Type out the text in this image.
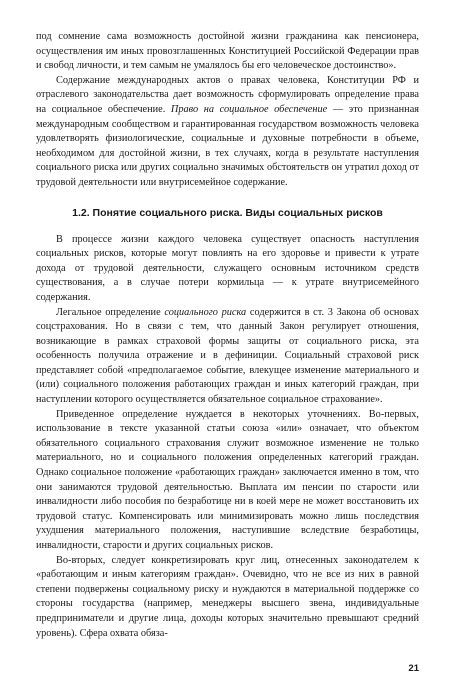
под сомнение сама возможность достойной жизни гражданина как пенсионера, осуществления им иных провозглашенных Конституцией Российской Федерации прав и свобод личности, и тем самым не умалялось бы его человеческое достоинство».

Содержание международных актов о правах человека, Конституции РФ и отраслевого законодательства дает возможность сформулировать определение права на социальное обеспечение. Право на социальное обеспечение — это признанная международным сообществом и гарантированная государством возможность человека удовлетворять физиологические, социальные и духовные потребности в объеме, необходимом для достойной жизни, в тех случаях, когда в результате наступления социального риска или других социально значимых обстоятельств он утратил доход от трудовой деятельности или внутрисемейное содержание.

1.2. Понятие социального риска. Виды социальных рисков

В процессе жизни каждого человека существует опасность наступления социальных рисков, которые могут повлиять на его здоровье и привести к утрате дохода от трудовой деятельности, служащего основным источником средств существования, а в случае потери кормильца — к утрате внутрисемейного содержания.

Легальное определение социального риска содержится в ст. 3 Закона об основах соцстрахования. Но в связи с тем, что данный Закон регулирует отношения, возникающие в рамках страховой формы защиты от социального риска, эта особенность получила отражение и в дефиниции. Социальный страховой риск представляет собой «предполагаемое событие, влекущее изменение материального и (или) социального положения работающих граждан и иных категорий граждан, при наступлении которого осуществляется обязательное социальное страхование».

Приведенное определение нуждается в некоторых уточнениях. Во-первых, использование в тексте указанной статьи союза «или» означает, что объектом обязательного социального страхования служит возможное изменение не только материального, но и социального положения определенных категорий граждан. Однако социальное положение «работающих граждан» заключается именно в том, что они занимаются трудовой деятельностью. Выплата им пенсии по старости или инвалидности либо пособия по безработице ни в коей мере не может восстановить их трудовой статус. Компенсировать или минимизировать можно лишь последствия ухудшения материального положения, наступившие вследствие безработицы, инвалидности, старости и других социальных рисков.

Во-вторых, следует конкретизировать круг лиц, отнесенных законодателем к «работающим и иным категориям граждан». Очевидно, что не все из них в равной степени подвержены социальному риску и нуждаются в материальной поддержке со стороны государства (например, менеджеры высшего звена, индивидуальные предприниматели и другие лица, доходы которых значительно превышают средний уровень). Сфера охвата обяза-

21
